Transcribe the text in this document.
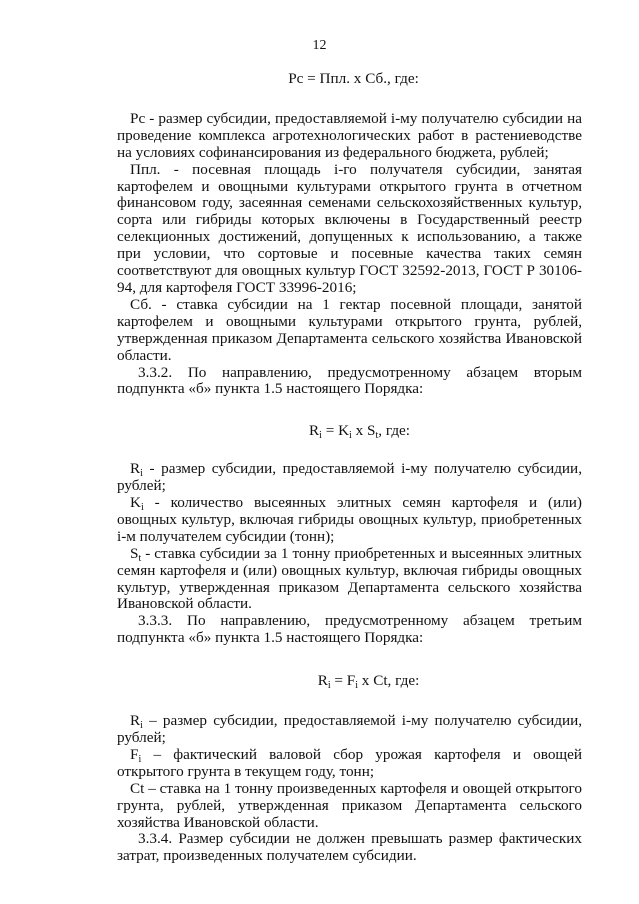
12

Рс = Ппл. х Сб., где:

Рс - размер субсидии, предоставляемой i-му получателю субсидии на проведение комплекса агротехнологических работ в растениеводстве на условиях софинансирования из федерального бюджета, рублей;

Ппл. - посевная площадь i-го получателя субсидии, занятая картофелем и овощными культурами открытого грунта в отчетном финансовом году, засеянная семенами сельскохозяйственных культур, сорта или гибриды которых включены в Государственный реестр селекционных достижений, допущенных к использованию, а также при условии, что сортовые и посевные качества таких семян соответствуют для овощных культур ГОСТ 32592-2013, ГОСТ Р 30106-94, для картофеля ГОСТ 33996-2016;

Сб. - ставка субсидии на 1 гектар посевной площади, занятой картофелем и овощными культурами открытого грунта, рублей, утвержденная приказом Департамента сельского хозяйства Ивановской области.

3.3.2. По направлению, предусмотренному абзацем вторым подпункта «б» пункта 1.5 настоящего Порядка:

$R_i = K_i$ x $S_t$, где:

$R_i$ - размер субсидии, предоставляемой i-му получателю субсидии, рублей;

$K_i$ - количество высеянных элитных семян картофеля и (или) овощных культур, включая гибриды овощных культур, приобретенных i-м получателем субсидии (тонн);

$S_t$ - ставка субсидии за 1 тонну приобретенных и высеянных элитных семян картофеля и (или) овощных культур, включая гибриды овощных культур, утвержденная приказом Департамента сельского хозяйства Ивановской области.

3.3.3. По направлению, предусмотренному абзацем третьим подпункта «б» пункта 1.5 настоящего Порядка:

$R_i = F_i$ x Ct, где:

$R_i$ – размер субсидии, предоставляемой i-му получателю субсидии, рублей;

$F_i$ – фактический валовой сбор урожая картофеля и овощей открытого грунта в текущем году, тонн;

Ct – ставка на 1 тонну произведенных картофеля и овощей открытого грунта, рублей, утвержденная приказом Департамента сельского хозяйства Ивановской области.

3.3.4. Размер субсидии не должен превышать размер фактических затрат, произведенных получателем субсидии.
